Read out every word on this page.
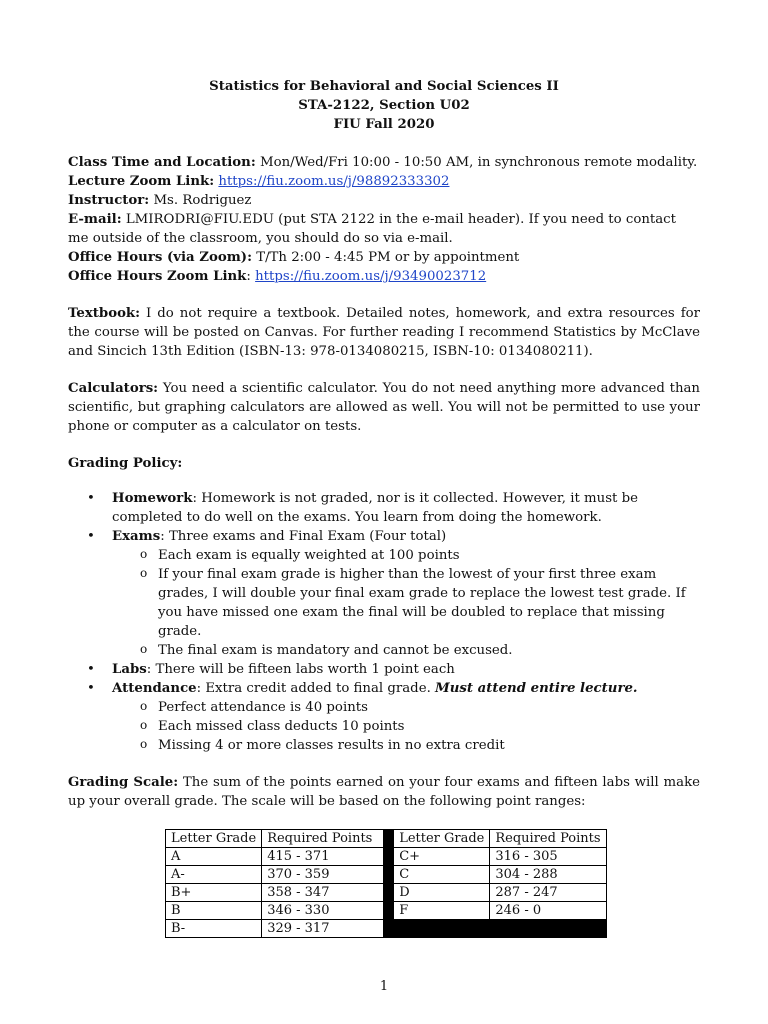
Statistics for Behavioral and Social Sciences II
STA-2122, Section U02
FIU Fall 2020
Class Time and Location: Mon/Wed/Fri 10:00 - 10:50 AM, in synchronous remote modality.
Lecture Zoom Link: https://fiu.zoom.us/j/98892333302
Instructor: Ms. Rodriguez
E-mail: LMIRODRI@FIU.EDU (put STA 2122 in the e-mail header). If you need to contact me outside of the classroom, you should do so via e-mail.
Office Hours (via Zoom): T/Th 2:00 - 4:45 PM or by appointment
Office Hours Zoom Link: https://fiu.zoom.us/j/93490023712

Textbook: I do not require a textbook. Detailed notes, homework, and extra resources for the course will be posted on Canvas. For further reading I recommend Statistics by McClave and Sincich 13th Edition (ISBN-13: 978-0134080215, ISBN-10: 0134080211).

Calculators: You need a scientific calculator. You do not need anything more advanced than scientific, but graphing calculators are allowed as well. You will not be permitted to use your phone or computer as a calculator on tests.

Grading Policy:

• Homework: Homework is not graded, nor is it collected. However, it must be completed to do well on the exams. You learn from doing the homework.
• Exams: Three exams and Final Exam (Four total)
o Each exam is equally weighted at 100 points
o If your final exam grade is higher than the lowest of your first three exam grades, I will double your final exam grade to replace the lowest test grade. If you have missed one exam the final will be doubled to replace that missing grade.
o The final exam is mandatory and cannot be excused.
• Labs: There will be fifteen labs worth 1 point each
• Attendance: Extra credit added to final grade. Must attend entire lecture.
o Perfect attendance is 40 points
o Each missed class deducts 10 points
o Missing 4 or more classes results in no extra credit

Grading Scale: The sum of the points earned on your four exams and fifteen labs will make up your overall grade. The scale will be based on the following point ranges:

Letter Grade	Required Points		Letter Grade	Required Points
A	415 - 371		C+	316 - 305
A-	370 - 359		C	304 - 288
B+	358 - 347		D	287 - 247
B	346 - 330		F	246 - 0
B-	329 - 317			
1
